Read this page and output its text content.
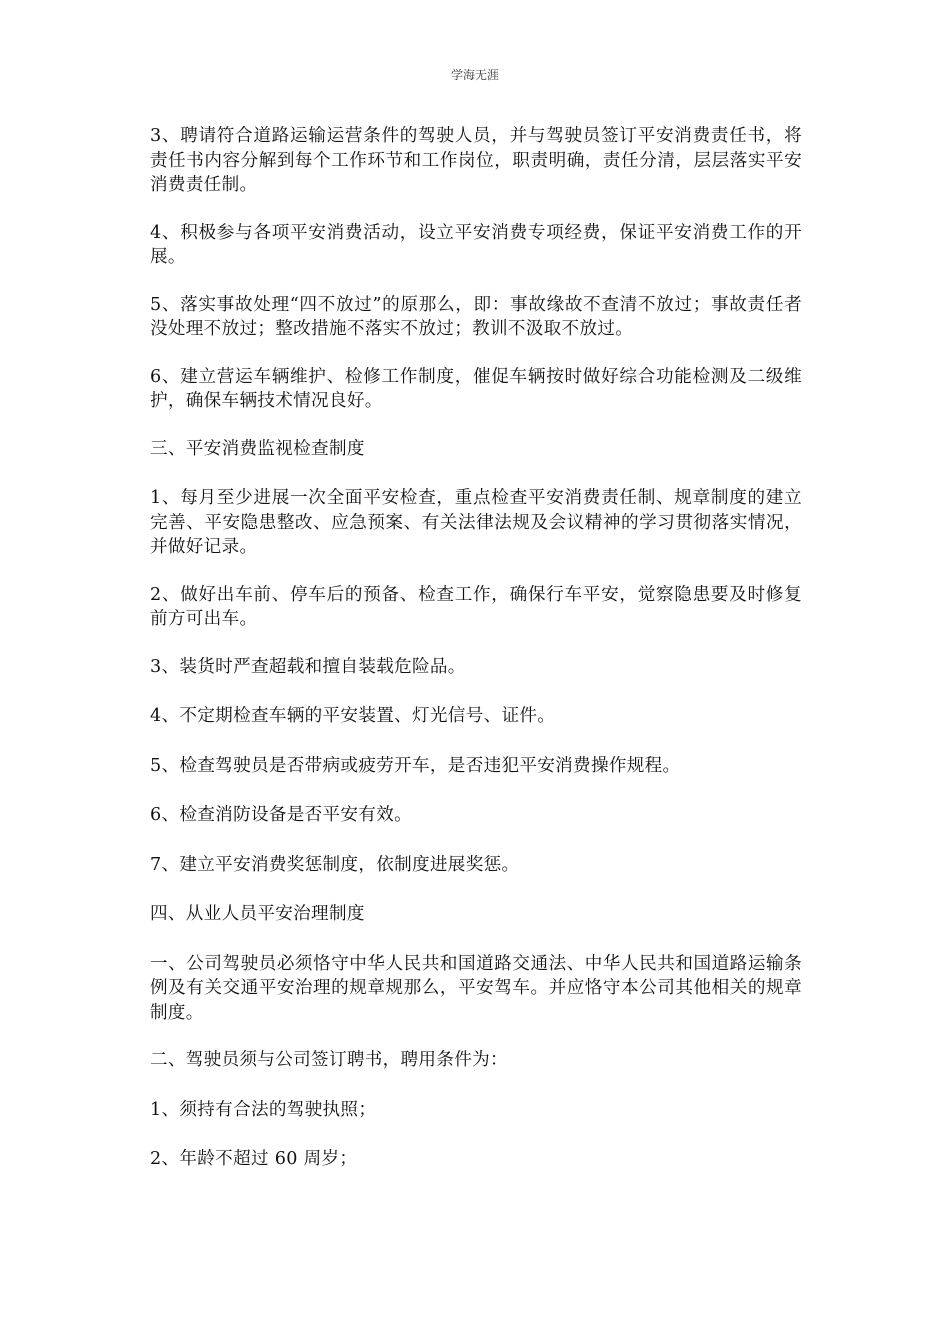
学海无涯

3、聘请符合道路运输运营条件的驾驶人员，并与驾驶员签订平安消费责任书，将责任书内容分解到每个工作环节和工作岗位，职责明确，责任分清，层层落实平安消费责任制。

4、积极参与各项平安消费活动，设立平安消费专项经费，保证平安消费工作的开展。

5、落实事故处理“四不放过”的原那么，即：事故缘故不查清不放过；事故责任者没处理不放过；整改措施不落实不放过；教训不汲取不放过。

6、建立营运车辆维护、检修工作制度，催促车辆按时做好综合功能检测及二级维护，确保车辆技术情况良好。

三、平安消费监视检查制度

1、每月至少进展一次全面平安检查，重点检查平安消费责任制、规章制度的建立完善、平安隐患整改、应急预案、有关法律法规及会议精神的学习贯彻落实情况，并做好记录。

2、做好出车前、停车后的预备、检查工作，确保行车平安，觉察隐患要及时修复前方可出车。

3、装货时严查超载和擅自装载危险品。

4、不定期检查车辆的平安装置、灯光信号、证件。

5、检查驾驶员是否带病或疲劳开车，是否违犯平安消费操作规程。

6、检查消防设备是否平安有效。

7、建立平安消费奖惩制度，依制度进展奖惩。

四、从业人员平安治理制度

一、公司驾驶员必须恪守中华人民共和国道路交通法、中华人民共和国道路运输条例及有关交通平安治理的规章规那么，平安驾车。并应恪守本公司其他相关的规章制度。

二、驾驶员须与公司签订聘书，聘用条件为：

1、须持有合法的驾驶执照；

2、年龄不超过 60 周岁；
